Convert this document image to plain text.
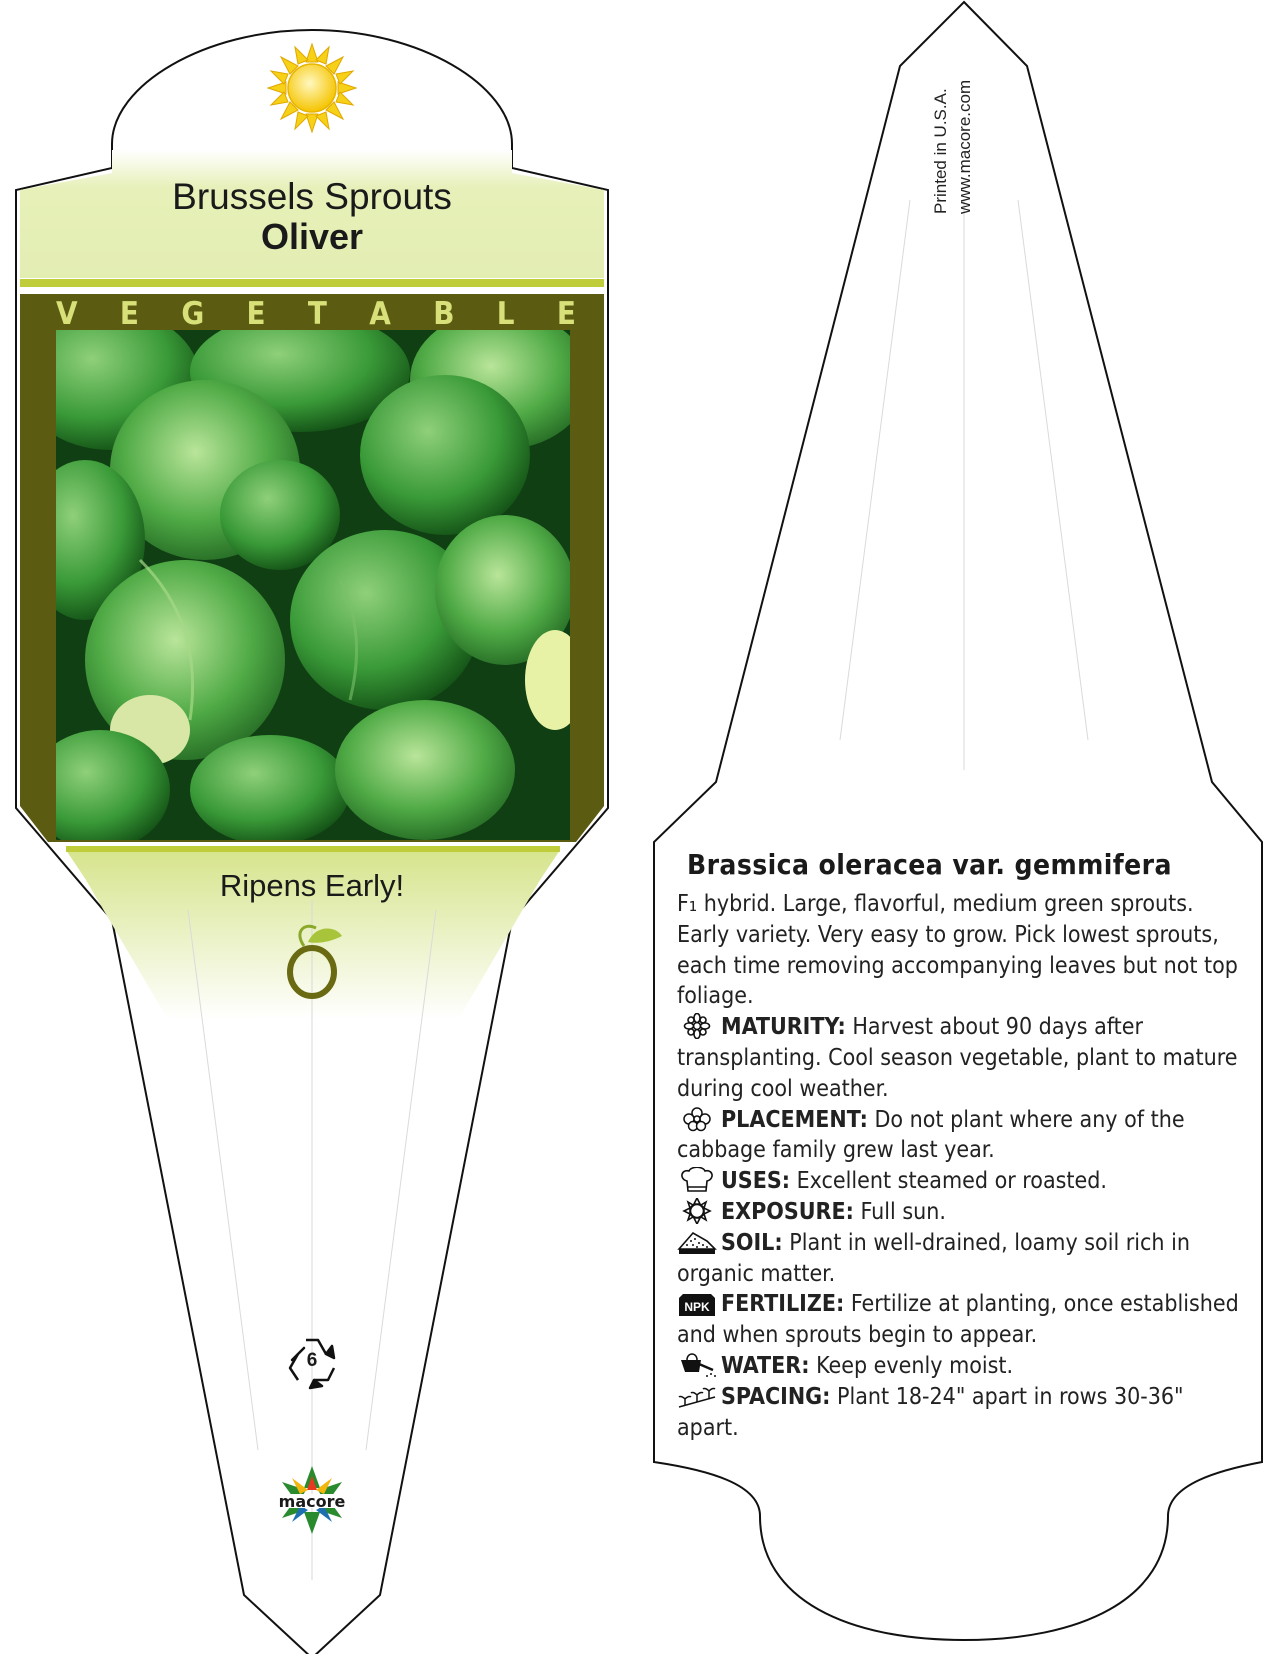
Brussels Sprouts
Oliver
V E G E T A B L E
Ripens Early!
6
macore
Printed in U.S.A. www.macore.com
Brassica oleracea var. gemmifera

F₁ hybrid. Large, flavorful, medium green sprouts. Early variety. Very easy to grow. Pick lowest sprouts, each time removing accompanying leaves but not top foliage.

MATURITY: Harvest about 90 days after transplanting. Cool season vegetable, plant to mature during cool weather.

PLACEMENT: Do not plant where any of the cabbage family grew last year.

USES: Excellent steamed or roasted.

EXPOSURE: Full sun.

SOIL: Plant in well-drained, loamy soil rich in organic matter.

NPK FERTILIZE: Fertilize at planting, once established and when sprouts begin to appear.

WATER: Keep evenly moist.

SPACING: Plant 18-24" apart in rows 30-36" apart.
